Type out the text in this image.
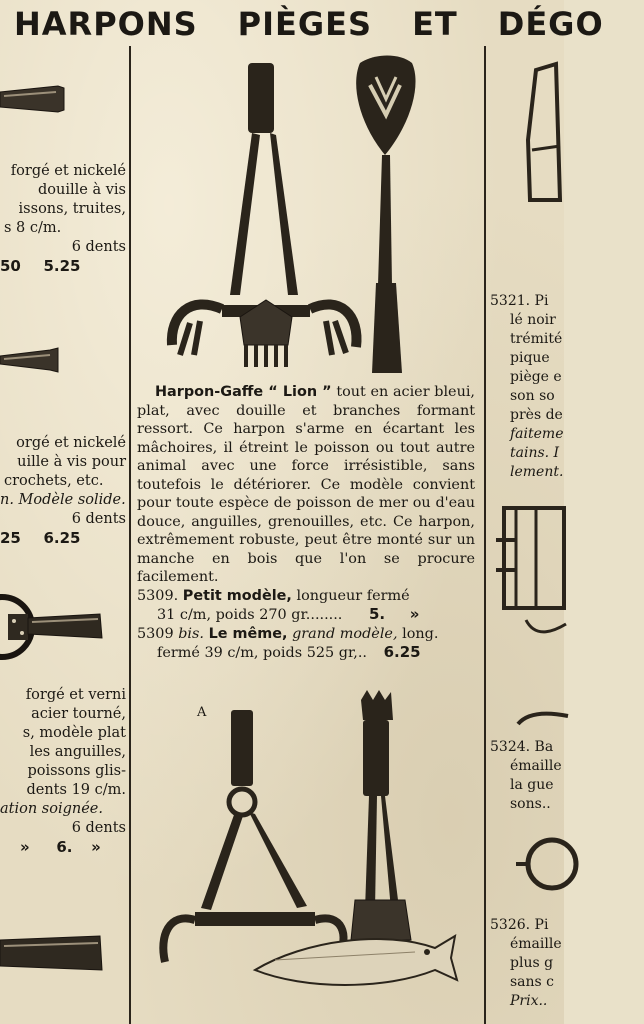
HARPONS PIÈGES ET DÉGO
forgé et nickelé
douille à vis
issons, truites,
s 8 c/m.
6 dents
50 5.25
orgé et nickelé
uille à vis pour
crochets, etc.
n. Modèle solide.
6 dents
25 6.25
forgé et verni
acier tourné,
s, modèle plat
les anguilles,
poissons glis-
dents 19 c/m.
ation soignée.
6 dents
» 6. »

Harpon-Gaffe “ Lion ” tout en acier bleui, plat, avec douille et branches formant ressort. Ce harpon s'arme en écartant les mâchoires, il étreint le poisson ou tout autre animal avec une force irrésistible, sans toutefois le détériorer. Ce modèle convient pour toute espèce de poisson de mer ou d'eau douce, anguilles, grenouilles, etc. Ce harpon, extrêmement robuste, peut être monté sur un manche en bois que l'on se procure facilement.

5309. Petit modèle, longueur fermé
31 c/m, poids 270 gr........ 5. »
5309 bis. Le même, grand modèle, long.
fermé 39 c/m, poids 525 gr,.. 6.25
A
5321. Pi
lé noir
trémité
pique
piège e
son so
près de
faiteme
tains. I
lement.
5324. Ba
émaille
la gue
sons..
5326. Pi
émaille
plus g
sans c
Prix..
